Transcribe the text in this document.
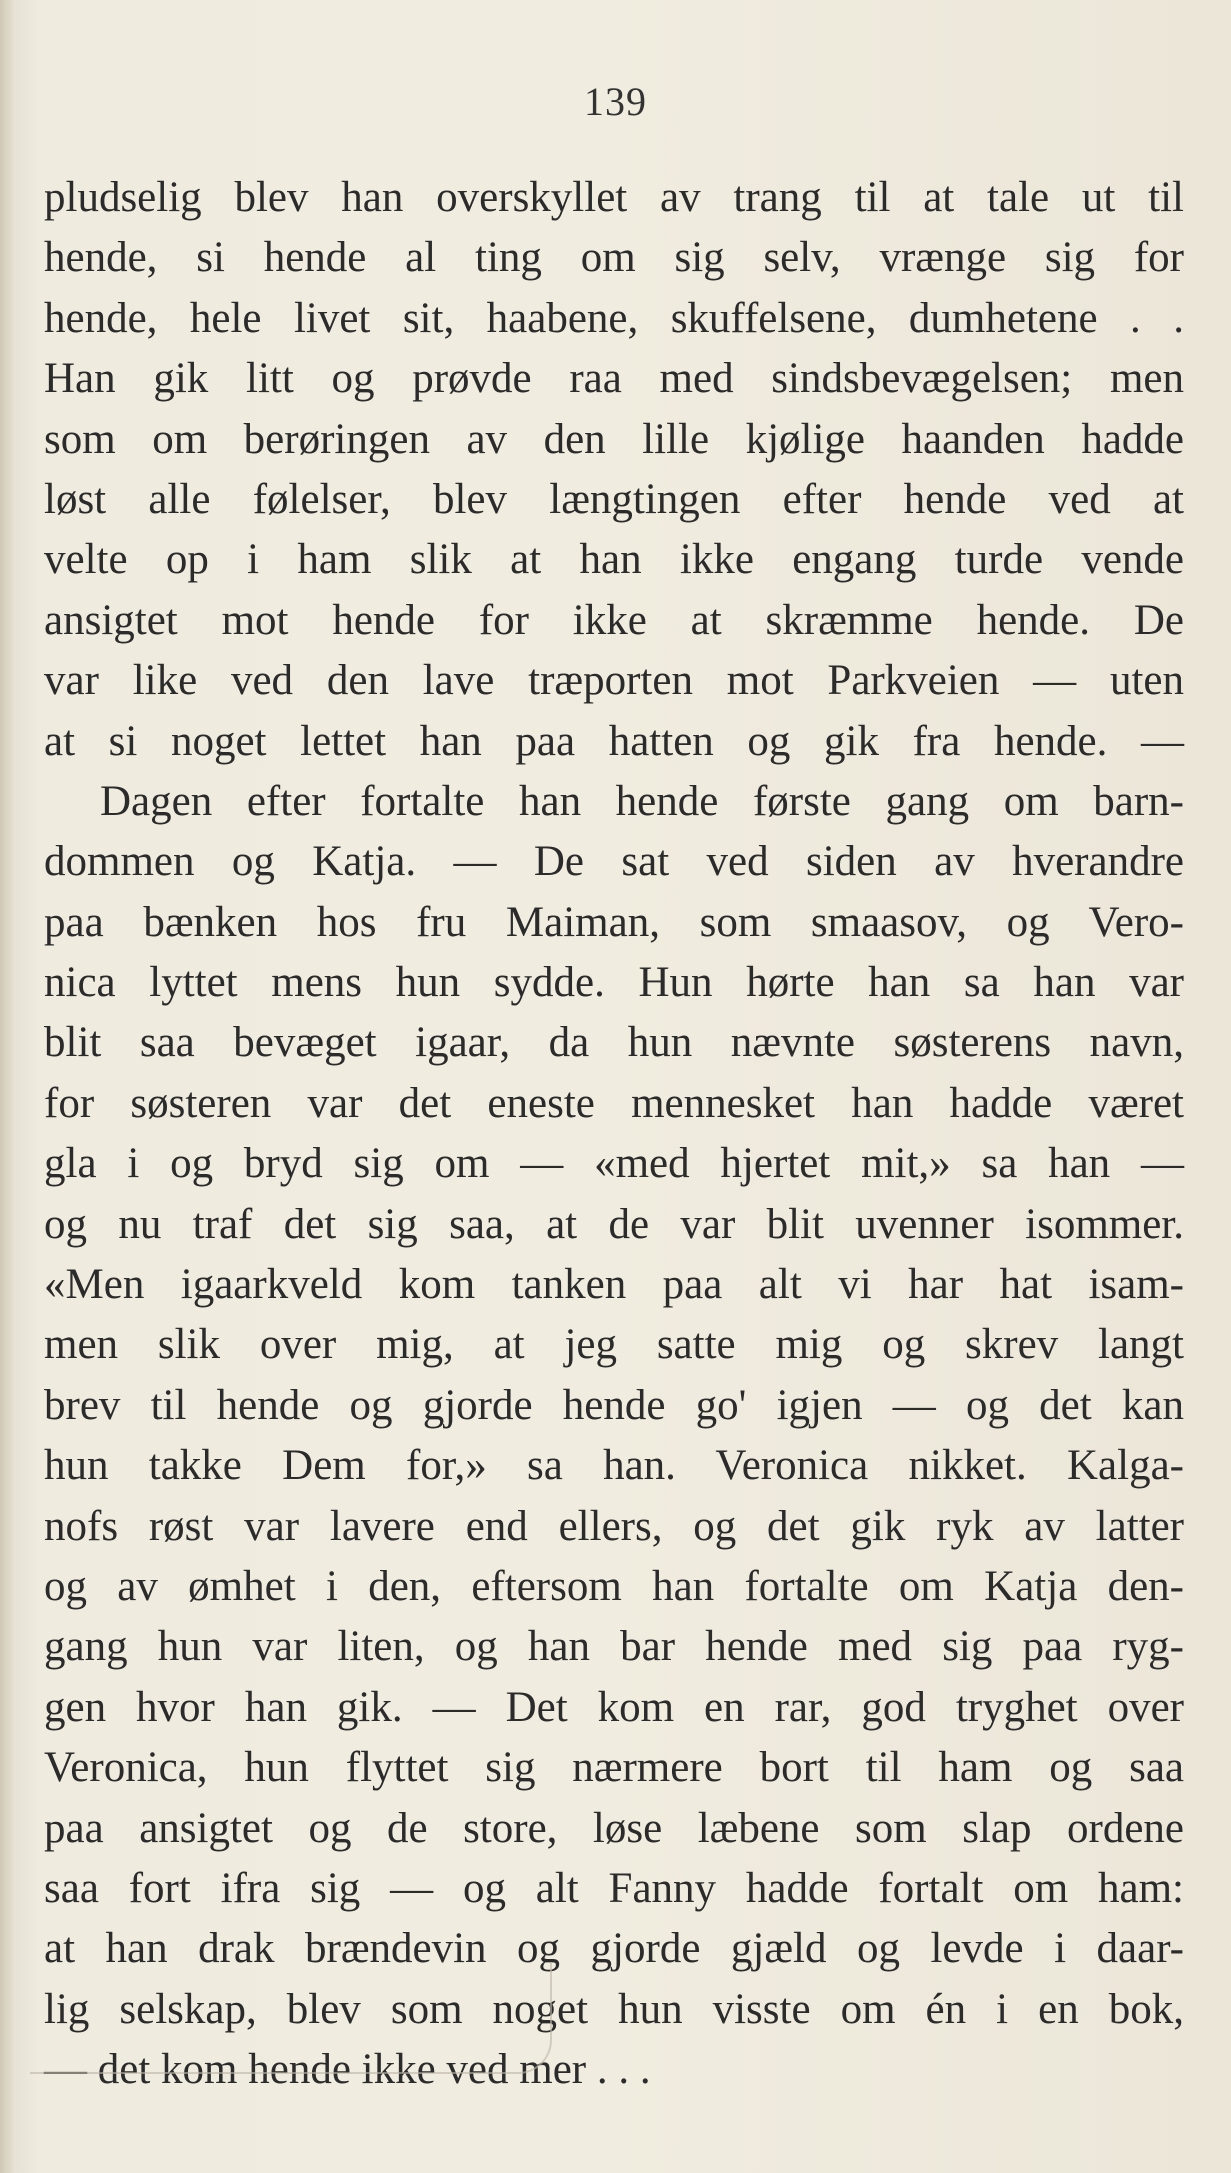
139
pludselig blev han overskyllet av trang til at tale ut til
hende, si hende al ting om sig selv, vrænge sig for
hende, hele livet sit, haabene, skuffelsene, dumhetene . .
Han gik litt og prøvde raa med sindsbevægelsen; men
som om berøringen av den lille kjølige haanden hadde
løst alle følelser, blev længtingen efter hende ved at
velte op i ham slik at han ikke engang turde vende
ansigtet mot hende for ikke at skræmme hende. De
var like ved den lave træporten mot Parkveien — uten
at si noget lettet han paa hatten og gik fra hende. —
Dagen efter fortalte han hende første gang om barn-
dommen og Katja. — De sat ved siden av hverandre
paa bænken hos fru Maiman, som smaasov, og Vero-
nica lyttet mens hun sydde. Hun hørte han sa han var
blit saa bevæget igaar, da hun nævnte søsterens navn,
for søsteren var det eneste mennesket han hadde været
gla i og bryd sig om — «med hjertet mit,» sa han —
og nu traf det sig saa, at de var blit uvenner isommer.
«Men igaarkveld kom tanken paa alt vi har hat isam-
men slik over mig, at jeg satte mig og skrev langt
brev til hende og gjorde hende go' igjen — og det kan
hun takke Dem for,» sa han. Veronica nikket. Kalga-
nofs røst var lavere end ellers, og det gik ryk av latter
og av ømhet i den, eftersom han fortalte om Katja den-
gang hun var liten, og han bar hende med sig paa ryg-
gen hvor han gik. — Det kom en rar, god tryghet over
Veronica, hun flyttet sig nærmere bort til ham og saa
paa ansigtet og de store, løse læbene som slap ordene
saa fort ifra sig — og alt Fanny hadde fortalt om ham:
at han drak brændevin og gjorde gjæld og levde i daar-
lig selskap, blev som noget hun visste om én i en bok,
— det kom hende ikke ved mer . . .
